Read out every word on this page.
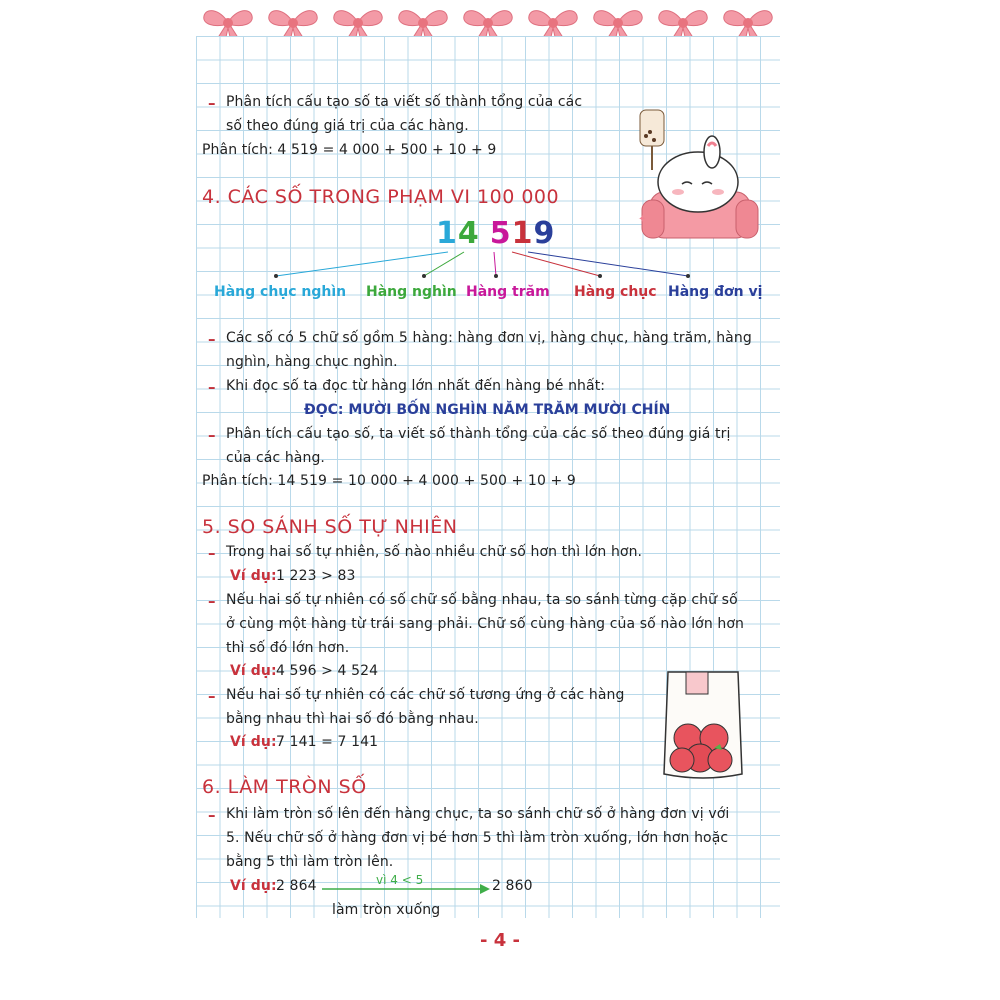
– Phân tích cấu tạo số ta viết số thành tổng của các
số theo đúng giá trị của các hàng.
Phân tích: 4 519 = 4 000 + 500 + 10 + 9
✦
4. CÁC SỐ TRONG PHẠM VI 100 000
14 519
Hàng chục nghìn Hàng nghìn Hàng trăm Hàng chục Hàng đơn vị
– Các số có 5 chữ số gồm 5 hàng: hàng đơn vị, hàng chục, hàng trăm, hàng
nghìn, hàng chục nghìn.
– Khi đọc số ta đọc từ hàng lớn nhất đến hàng bé nhất:
ĐỌC: MƯỜI BỐN NGHÌN NĂM TRĂM MƯỜI CHÍN
– Phân tích cấu tạo số, ta viết số thành tổng của các số theo đúng giá trị
của các hàng.
Phân tích: 14 519 = 10 000 + 4 000 + 500 + 10 + 9
5. SO SÁNH SỐ TỰ NHIÊN
– Trong hai số tự nhiên, số nào nhiều chữ số hơn thì lớn hơn.
Ví dụ: 1 223 > 83
– Nếu hai số tự nhiên có số chữ số bằng nhau, ta so sánh từng cặp chữ số
ở cùng một hàng từ trái sang phải. Chữ số cùng hàng của số nào lớn hơn
thì số đó lớn hơn.
Ví dụ: 4 596 > 4 524
– Nếu hai số tự nhiên có các chữ số tương ứng ở các hàng
bằng nhau thì hai số đó bằng nhau.
Ví dụ: 7 141 = 7 141
6. LÀM TRÒN SỐ
– Khi làm tròn số lên đến hàng chục, ta so sánh chữ số ở hàng đơn vị với
5. Nếu chữ số ở hàng đơn vị bé hơn 5 thì làm tròn xuống, lớn hơn hoặc
bằng 5 thì làm tròn lên.
Ví dụ: 2 864	vì 4 < 5	2 860
làm tròn xuống
- 4 -
